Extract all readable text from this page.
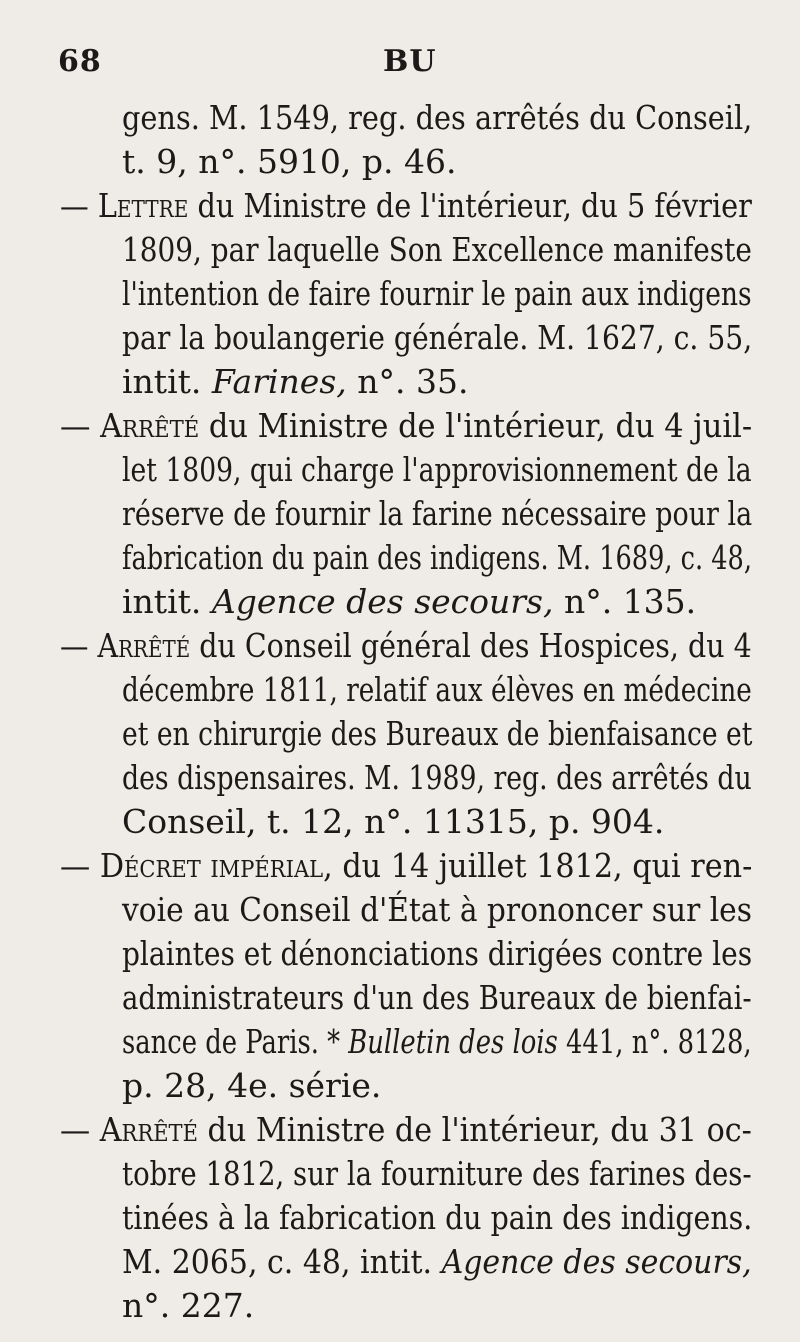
68	BU
gens. M. 1549, reg. des arrêtés du Conseil,
t. 9, n°. 5910, p. 46.
— Lettre du Ministre de l'intérieur, du 5 février
1809, par laquelle Son Excellence manifeste
l'intention de faire fournir le pain aux indigens
par la boulangerie générale. M. 1627, c. 55,
intit. Farines, n°. 35.
— Arrêté du Ministre de l'intérieur, du 4 juil-
let 1809, qui charge l'approvisionnement de la
réserve de fournir la farine nécessaire pour la
fabrication du pain des indigens. M. 1689, c. 48,
intit. Agence des secours, n°. 135.
— Arrêté du Conseil général des Hospices, du 4
décembre 1811, relatif aux élèves en médecine
et en chirurgie des Bureaux de bienfaisance et
des dispensaires. M. 1989, reg. des arrêtés du
Conseil, t. 12, n°. 11315, p. 904.
— Décret impérial, du 14 juillet 1812, qui ren-
voie au Conseil d'État à prononcer sur les
plaintes et dénonciations dirigées contre les
administrateurs d'un des Bureaux de bienfai-
sance de Paris. * Bulletin des lois 441, n°. 8128,
p. 28, 4e. série.
— Arrêté du Ministre de l'intérieur, du 31 oc-
tobre 1812, sur la fourniture des farines des-
tinées à la fabrication du pain des indigens.
M. 2065, c. 48, intit. Agence des secours,
n°. 227.
